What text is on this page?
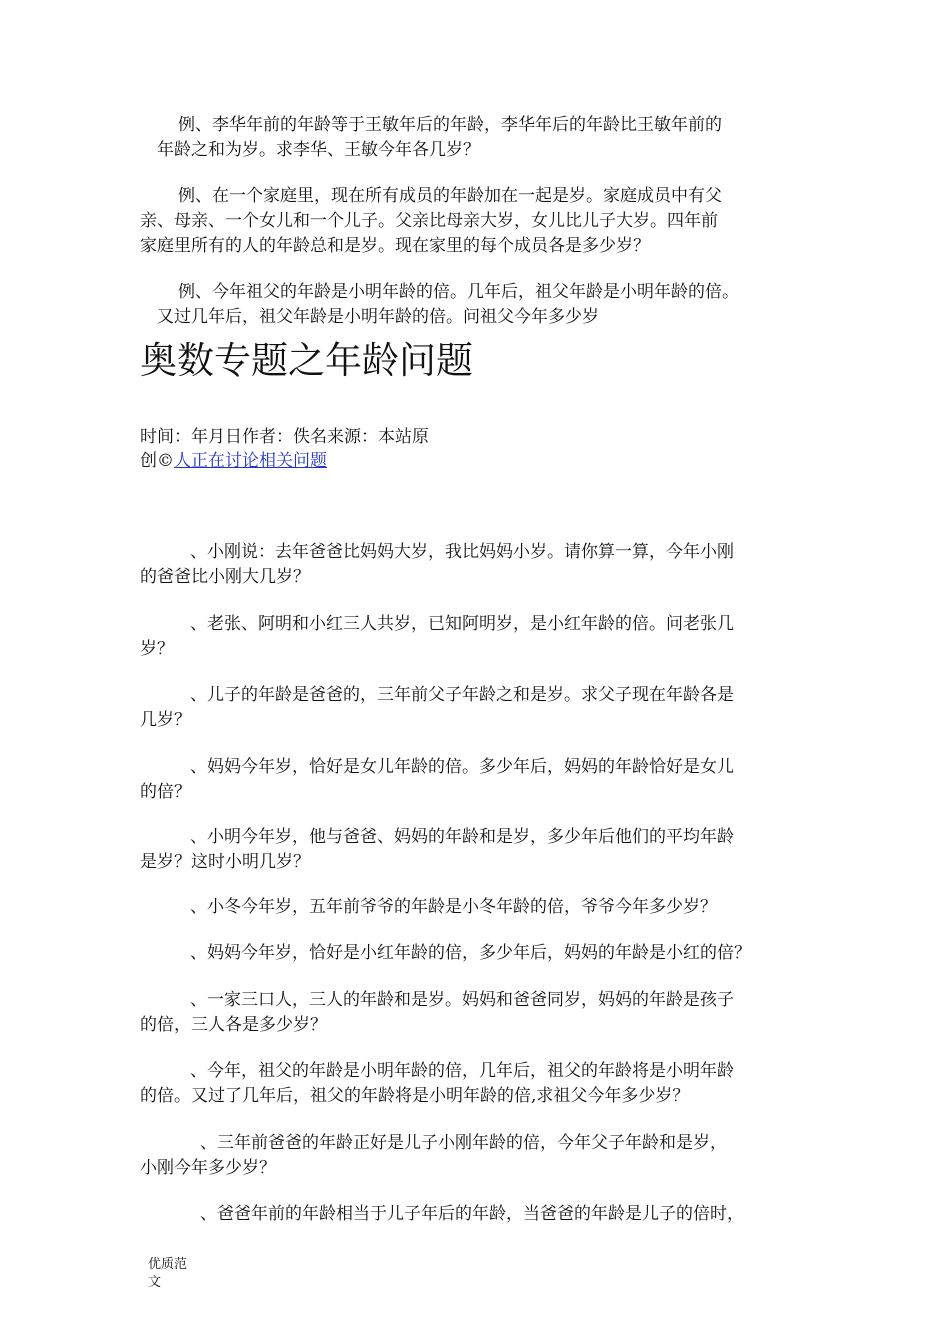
例、李华年前的年龄等于王敏年后的年龄，李华年后的年龄比王敏年前的
年龄之和为岁。求李华、王敏今年各几岁？
例、在一个家庭里，现在所有成员的年龄加在一起是岁。家庭成员中有父
亲、母亲、一个女儿和一个儿子。父亲比母亲大岁，女儿比儿子大岁。四年前
家庭里所有的人的年龄总和是岁。现在家里的每个成员各是多少岁？
例、今年祖父的年龄是小明年龄的倍。几年后，祖父年龄是小明年龄的倍。
又过几年后，祖父年龄是小明年龄的倍。问祖父今年多少岁
奥数专题之年龄问题
时间：年月日作者：佚名来源：本站原
创©人正在讨论相关问题
、小刚说：去年爸爸比妈妈大岁，我比妈妈小岁。请你算一算，今年小刚
的爸爸比小刚大几岁？
、老张、阿明和小红三人共岁，已知阿明岁，是小红年龄的倍。问老张几
岁？
、儿子的年龄是爸爸的，三年前父子年龄之和是岁。求父子现在年龄各是
几岁？
、妈妈今年岁，恰好是女儿年龄的倍。多少年后，妈妈的年龄恰好是女儿
的倍？
、小明今年岁，他与爸爸、妈妈的年龄和是岁，多少年后他们的平均年龄
是岁？这时小明几岁？
、小冬今年岁，五年前爷爷的年龄是小冬年龄的倍，爷爷今年多少岁？
、妈妈今年岁，恰好是小红年龄的倍，多少年后，妈妈的年龄是小红的倍？
、一家三口人，三人的年龄和是岁。妈妈和爸爸同岁，妈妈的年龄是孩子
的倍，三人各是多少岁？
、今年，祖父的年龄是小明年龄的倍，几年后，祖父的年龄将是小明年龄
的倍。又过了几年后，祖父的年龄将是小明年龄的倍,求祖父今年多少岁？
、三年前爸爸的年龄正好是儿子小刚年龄的倍，今年父子年龄和是岁，
小刚今年多少岁？
、爸爸年前的年龄相当于儿子年后的年龄，当爸爸的年龄是儿子的倍时，
优质范
文
